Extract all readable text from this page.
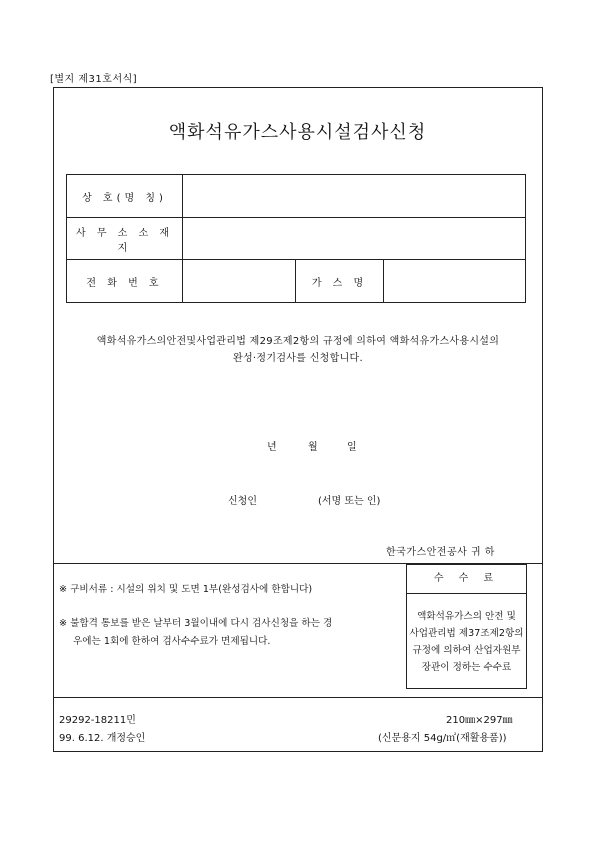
[별지 제31호서식]
액화석유가스사용시설검사신청
상 호(명 칭)			
사 무 소 소 재 지			
전 화 번 호		가 스 명	
액화석유가스의안전및사업관리법 제29조제2항의 규정에 의하여 액화석유가스사용시설의
완성·정기검사를 신청합니다.
년	월	일
신청인	(서명 또는 인)
한국가스안전공사 귀 하
※ 구비서류 : 시설의 위치 및 도면 1부(완성검사에 한합니다)
※ 불합격 통보를 받은 날부터 3월이내에 다시 검사신청을 하는 경
우에는 1회에 한하여 검사수수료가 면제됩니다.
수 수 료
액화석유가스의 안전 및
사업관리법 제37조제2항의
규정에 의하여 산업자원부
장관이 정하는 수수료
29292-18211민
99. 6.12. 개정승인
210㎜×297㎜
(신문용지 54g/㎡(재활용품))
